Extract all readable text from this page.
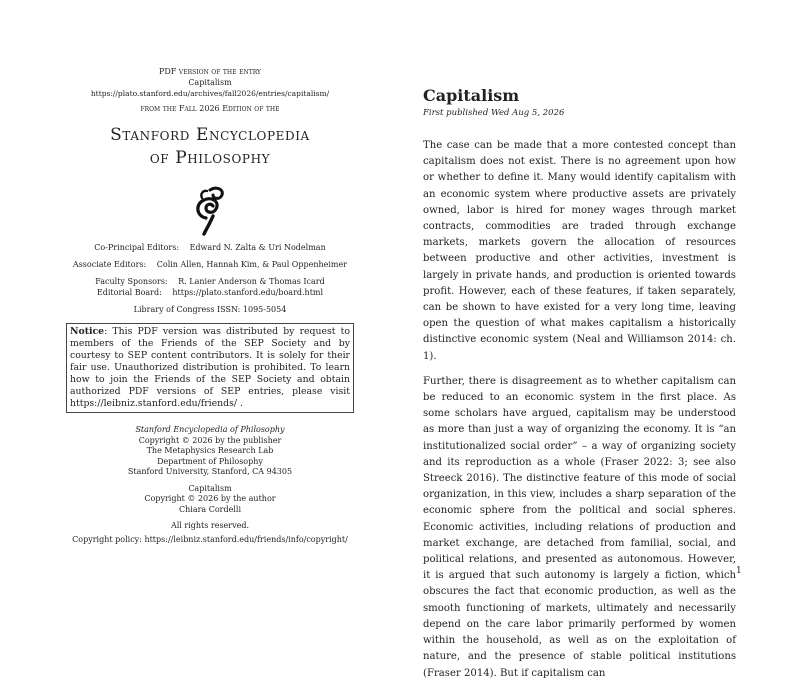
PDF version of the entry
Capitalism
https://plato.stanford.edu/archives/fall2026/entries/capitalism/
from the Fall 2026 Edition of the
Stanford Encyclopedia
of Philosophy
Co-Principal Editors: Edward N. Zalta & Uri Nodelman
Associate Editors: Colin Allen, Hannah Kim, & Paul Oppenheimer
Faculty Sponsors: R. Lanier Anderson & Thomas Icard
Editorial Board: https://plato.stanford.edu/board.html
Library of Congress ISSN: 1095-5054
Notice: This PDF version was distributed by request to members of the Friends of the SEP Society and by courtesy to SEP content contributors. It is solely for their fair use. Unauthorized distribution is prohibited. To learn how to join the Friends of the SEP Society and obtain authorized PDF versions of SEP entries, please visit https://leibniz.stanford.edu/friends/ .
Stanford Encyclopedia of Philosophy
Copyright © 2026 by the publisher
The Metaphysics Research Lab
Department of Philosophy
Stanford University, Stanford, CA 94305
Capitalism
Copyright © 2026 by the author
Chiara Cordelli
All rights reserved.
Copyright policy: https://leibniz.stanford.edu/friends/info/copyright/
Capitalism
First published Wed Aug 5, 2026

The case can be made that a more contested concept than capitalism does not exist. There is no agreement upon how or whether to define it. Many would identify capitalism with an economic system where productive assets are privately owned, labor is hired for money wages through market contracts, commodities are traded through exchange markets, markets govern the allocation of resources between productive and other activities, investment is largely in private hands, and production is oriented towards profit. However, each of these features, if taken separately, can be shown to have existed for a very long time, leaving open the question of what makes capitalism a historically distinctive economic system (Neal and Williamson 2014: ch. 1).

Further, there is disagreement as to whether capitalism can be reduced to an economic system in the first place. As some scholars have argued, capitalism may be understood as more than just a way of organizing the economy. It is “an institutionalized social order” – a way of organizing society and its reproduction as a whole (Fraser 2022: 3; see also Streeck 2016). The distinctive feature of this mode of social organization, in this view, includes a sharp separation of the economic sphere from the political and social spheres. Economic activities, including relations of production and market exchange, are detached from familial, social, and political relations, and presented as autonomous. However, it is argued that such autonomy is largely a fiction, which obscures the fact that economic production, as well as the smooth functioning of markets, ultimately and necessarily depend on the care labor primarily performed by women within the household, as well as on the exploitation of nature, and the presence of stable political institutions (Fraser 2014). But if capitalism can

1
